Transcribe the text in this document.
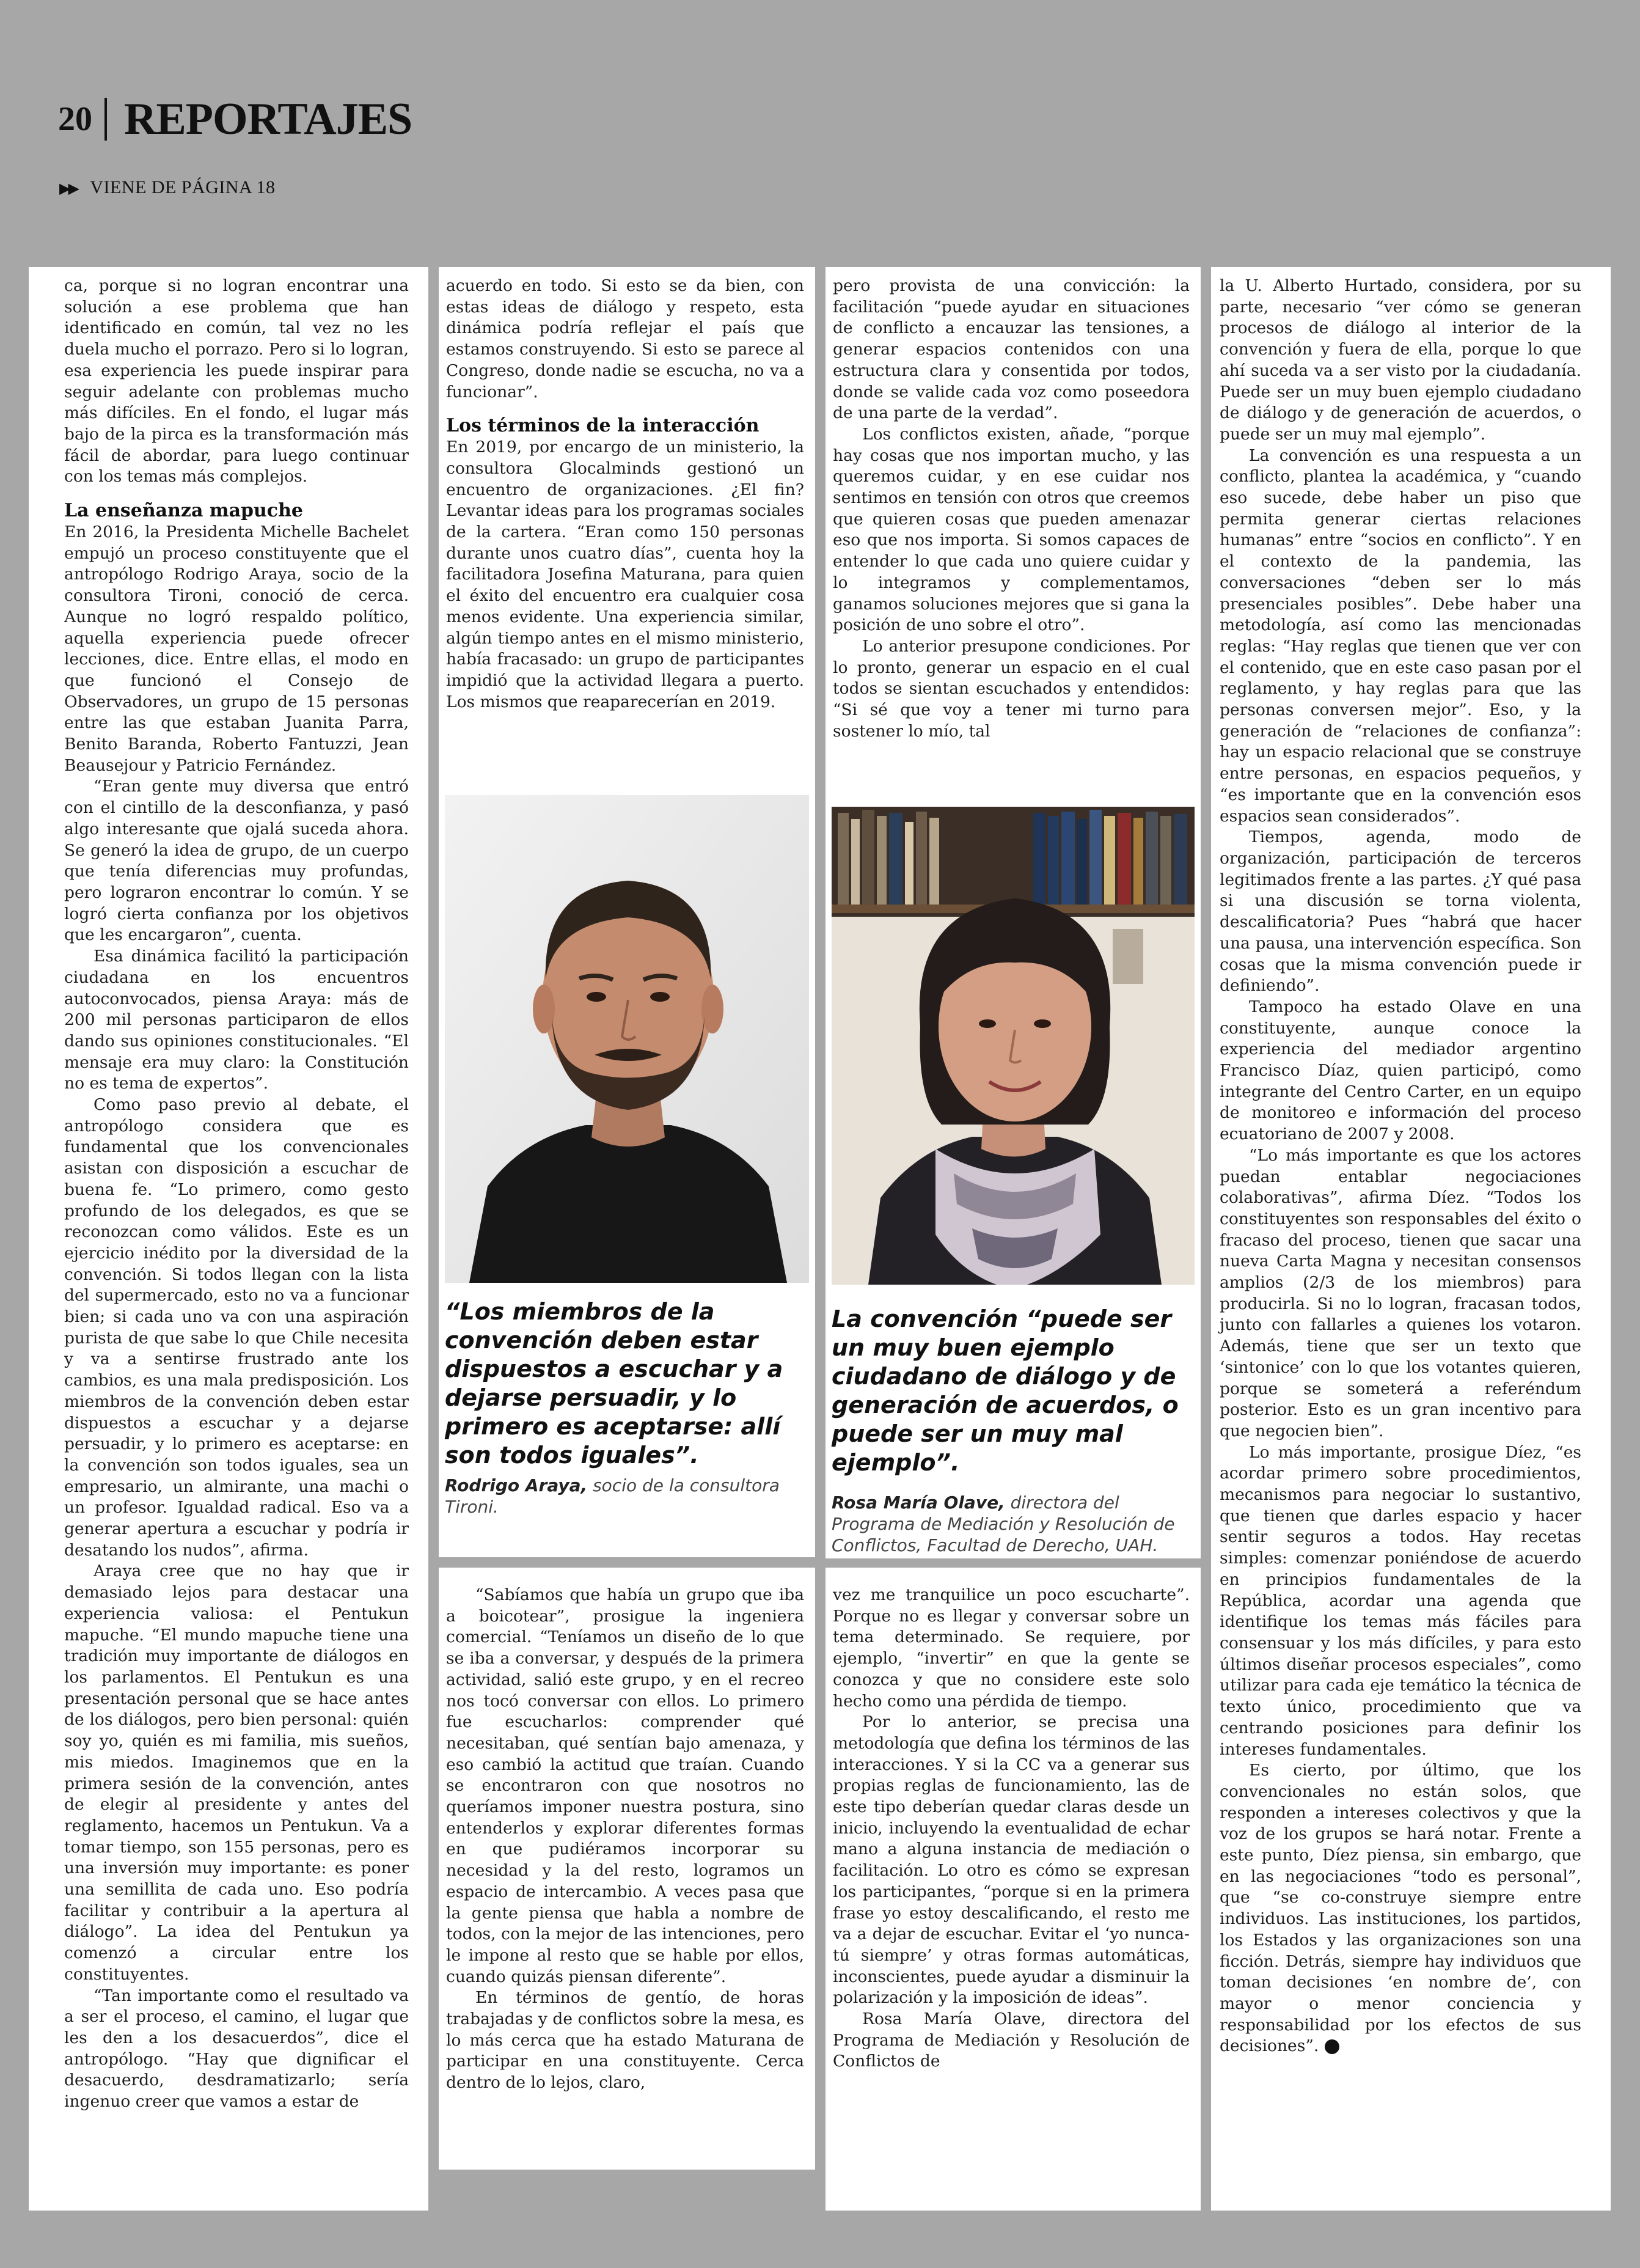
20 REPORTAJES
▶▶ VIENE DE PÁGINA 18

ca, porque si no logran encontrar una solución a ese problema que han identificado en común, tal vez no les duela mucho el porrazo. Pero si lo logran, esa experiencia les puede inspirar para seguir adelante con problemas mucho más difíciles. En el fondo, el lugar más bajo de la pirca es la transformación más fácil de abordar, para luego continuar con los temas más complejos.

La enseñanza mapuche

En 2016, la Presidenta Michelle Bachelet empujó un proceso constituyente que el antropólogo Rodrigo Araya, socio de la consultora Tironi, conoció de cerca. Aunque no logró respaldo político, aquella experiencia puede ofrecer lecciones, dice. Entre ellas, el modo en que funcionó el Consejo de Observadores, un grupo de 15 personas entre las que estaban Juanita Parra, Benito Baranda, Roberto Fantuzzi, Jean Beausejour y Patricio Fernández.

“Eran gente muy diversa que entró con el cintillo de la desconfianza, y pasó algo interesante que ojalá suceda ahora. Se generó la idea de grupo, de un cuerpo que tenía diferencias muy profundas, pero lograron encontrar lo común. Y se logró cierta confianza por los objetivos que les encargaron”, cuenta.

Esa dinámica facilitó la participación ciudadana en los encuentros autoconvocados, piensa Araya: más de 200 mil personas participaron de ellos dando sus opiniones constitucionales. “El mensaje era muy claro: la Constitución no es tema de expertos”.

Como paso previo al debate, el antropólogo considera que es fundamental que los convencionales asistan con disposición a escuchar de buena fe. “Lo primero, como gesto profundo de los delegados, es que se reconozcan como válidos. Este es un ejercicio inédito por la diversidad de la convención. Si todos llegan con la lista del supermercado, esto no va a funcionar bien; si cada uno va con una aspiración purista de que sabe lo que Chile necesita y va a sentirse frustrado ante los cambios, es una mala predisposición. Los miembros de la convención deben estar dispuestos a escuchar y a dejarse persuadir, y lo primero es aceptarse: en la convención son todos iguales, sea un empresario, un almirante, una machi o un profesor. Igualdad radical. Eso va a generar apertura a escuchar y podría ir desatando los nudos”, afirma.

Araya cree que no hay que ir demasiado lejos para destacar una experiencia valiosa: el Pentukun mapuche. “El mundo mapuche tiene una tradición muy importante de diálogos en los parlamentos. El Pentukun es una presentación personal que se hace antes de los diálogos, pero bien personal: quién soy yo, quién es mi familia, mis sueños, mis miedos. Imaginemos que en la primera sesión de la convención, antes de elegir al presidente y antes del reglamento, hacemos un Pentukun. Va a tomar tiempo, son 155 personas, pero es una inversión muy importante: es poner una semillita de cada uno. Eso podría facilitar y contribuir a la apertura al diálogo”. La idea del Pentukun ya comenzó a circular entre los constituyentes.

“Tan importante como el resultado va a ser el proceso, el camino, el lugar que les den a los desacuerdos”, dice el antropólogo. “Hay que dignificar el desacuerdo, desdramatizarlo; sería ingenuo creer que vamos a estar de

acuerdo en todo. Si esto se da bien, con estas ideas de diálogo y respeto, esta dinámica podría reflejar el país que estamos construyendo. Si esto se parece al Congreso, donde nadie se escucha, no va a funcionar”.

Los términos de la interacción

En 2019, por encargo de un ministerio, la consultora Glocalminds gestionó un encuentro de organizaciones. ¿El fin? Levantar ideas para los programas sociales de la cartera. “Eran como 150 personas durante unos cuatro días”, cuenta hoy la facilitadora Josefina Maturana, para quien el éxito del encuentro era cualquier cosa menos evidente. Una experiencia similar, algún tiempo antes en el mismo ministerio, había fracasado: un grupo de participantes impidió que la actividad llegara a puerto. Los mismos que reaparecerían en 2019.

“Los miembros de la convención deben estar dispuestos a escuchar y a dejarse persuadir, y lo primero es aceptarse: allí son todos iguales”.
Rodrigo Araya, socio de la consultora Tironi.

“Sabíamos que había un grupo que iba a boicotear”, prosigue la ingeniera comercial. “Teníamos un diseño de lo que se iba a conversar, y después de la primera actividad, salió este grupo, y en el recreo nos tocó conversar con ellos. Lo primero fue escucharlos: comprender qué necesitaban, qué sentían bajo amenaza, y eso cambió la actitud que traían. Cuando se encontraron con que nosotros no queríamos imponer nuestra postura, sino entenderlos y explorar diferentes formas en que pudiéramos incorporar su necesidad y la del resto, logramos un espacio de intercambio. A veces pasa que la gente piensa que habla a nombre de todos, con la mejor de las intenciones, pero le impone al resto que se hable por ellos, cuando quizás piensan diferente”.

En términos de gentío, de horas trabajadas y de conflictos sobre la mesa, es lo más cerca que ha estado Maturana de participar en una constituyente. Cerca dentro de lo lejos, claro,

pero provista de una convicción: la facilitación “puede ayudar en situaciones de conflicto a encauzar las tensiones, a generar espacios contenidos con una estructura clara y consentida por todos, donde se valide cada voz como poseedora de una parte de la verdad”.

Los conflictos existen, añade, “porque hay cosas que nos importan mucho, y las queremos cuidar, y en ese cuidar nos sentimos en tensión con otros que creemos que quieren cosas que pueden amenazar eso que nos importa. Si somos capaces de entender lo que cada uno quiere cuidar y lo integramos y complementamos, ganamos soluciones mejores que si gana la posición de uno sobre el otro”.

Lo anterior presupone condiciones. Por lo pronto, generar un espacio en el cual todos se sientan escuchados y entendidos: “Si sé que voy a tener mi turno para sostener lo mío, tal

La convención “puede ser un muy buen ejemplo ciudadano de diálogo y de generación de acuerdos, o puede ser un muy mal ejemplo”.
Rosa María Olave, directora del Programa de Mediación y Resolución de Conflictos, Facultad de Derecho, UAH.

vez me tranquilice un poco escucharte”. Porque no es llegar y conversar sobre un tema determinado. Se requiere, por ejemplo, “invertir” en que la gente se conozca y que no considere este solo hecho como una pérdida de tiempo.

Por lo anterior, se precisa una metodología que defina los términos de las interacciones. Y si la CC va a generar sus propias reglas de funcionamiento, las de este tipo deberían quedar claras desde un inicio, incluyendo la eventualidad de echar mano a alguna instancia de mediación o facilitación. Lo otro es cómo se expresan los participantes, “porque si en la primera frase yo estoy descalificando, el resto me va a dejar de escuchar. Evitar el ‘yo nunca-tú siempre’ y otras formas automáticas, inconscientes, puede ayudar a disminuir la polarización y la imposición de ideas”.

Rosa María Olave, directora del Programa de Mediación y Resolución de Conflictos de

la U. Alberto Hurtado, considera, por su parte, necesario “ver cómo se generan procesos de diálogo al interior de la convención y fuera de ella, porque lo que ahí suceda va a ser visto por la ciudadanía. Puede ser un muy buen ejemplo ciudadano de diálogo y de generación de acuerdos, o puede ser un muy mal ejemplo”.

La convención es una respuesta a un conflicto, plantea la académica, y “cuando eso sucede, debe haber un piso que permita generar ciertas relaciones humanas” entre “socios en conflicto”. Y en el contexto de la pandemia, las conversaciones “deben ser lo más presenciales posibles”. Debe haber una metodología, así como las mencionadas reglas: “Hay reglas que tienen que ver con el contenido, que en este caso pasan por el reglamento, y hay reglas para que las personas conversen mejor”. Eso, y la generación de “relaciones de confianza”: hay un espacio relacional que se construye entre personas, en espacios pequeños, y “es importante que en la convención esos espacios sean considerados”.

Tiempos, agenda, modo de organización, participación de terceros legitimados frente a las partes. ¿Y qué pasa si una discusión se torna violenta, descalificatoria? Pues “habrá que hacer una pausa, una intervención específica. Son cosas que la misma convención puede ir definiendo”.

Tampoco ha estado Olave en una constituyente, aunque conoce la experiencia del mediador argentino Francisco Díaz, quien participó, como integrante del Centro Carter, en un equipo de monitoreo e información del proceso ecuatoriano de 2007 y 2008.

“Lo más importante es que los actores puedan entablar negociaciones colaborativas”, afirma Díez. “Todos los constituyentes son responsables del éxito o fracaso del proceso, tienen que sacar una nueva Carta Magna y necesitan consensos amplios (2/3 de los miembros) para producirla. Si no lo logran, fracasan todos, junto con fallarles a quienes los votaron. Además, tiene que ser un texto que ‘sintonice’ con lo que los votantes quieren, porque se someterá a referéndum posterior. Esto es un gran incentivo para que negocien bien”.

Lo más importante, prosigue Díez, “es acordar primero sobre procedimientos, mecanismos para negociar lo sustantivo, que tienen que darles espacio y hacer sentir seguros a todos. Hay recetas simples: comenzar poniéndose de acuerdo en principios fundamentales de la República, acordar una agenda que identifique los temas más fáciles para consensuar y los más difíciles, y para esto últimos diseñar procesos especiales”, como utilizar para cada eje temático la técnica de texto único, procedimiento que va centrando posiciones para definir los intereses fundamentales.

Es cierto, por último, que los convencionales no están solos, que responden a intereses colectivos y que la voz de los grupos se hará notar. Frente a este punto, Díez piensa, sin embargo, que en las negociaciones “todo es personal”, que “se co-construye siempre entre individuos. Las instituciones, los partidos, los Estados y las organizaciones son una ficción. Detrás, siempre hay individuos que toman decisiones ‘en nombre de’, con mayor o menor conciencia y responsabilidad por los efectos de sus decisiones”.	D
